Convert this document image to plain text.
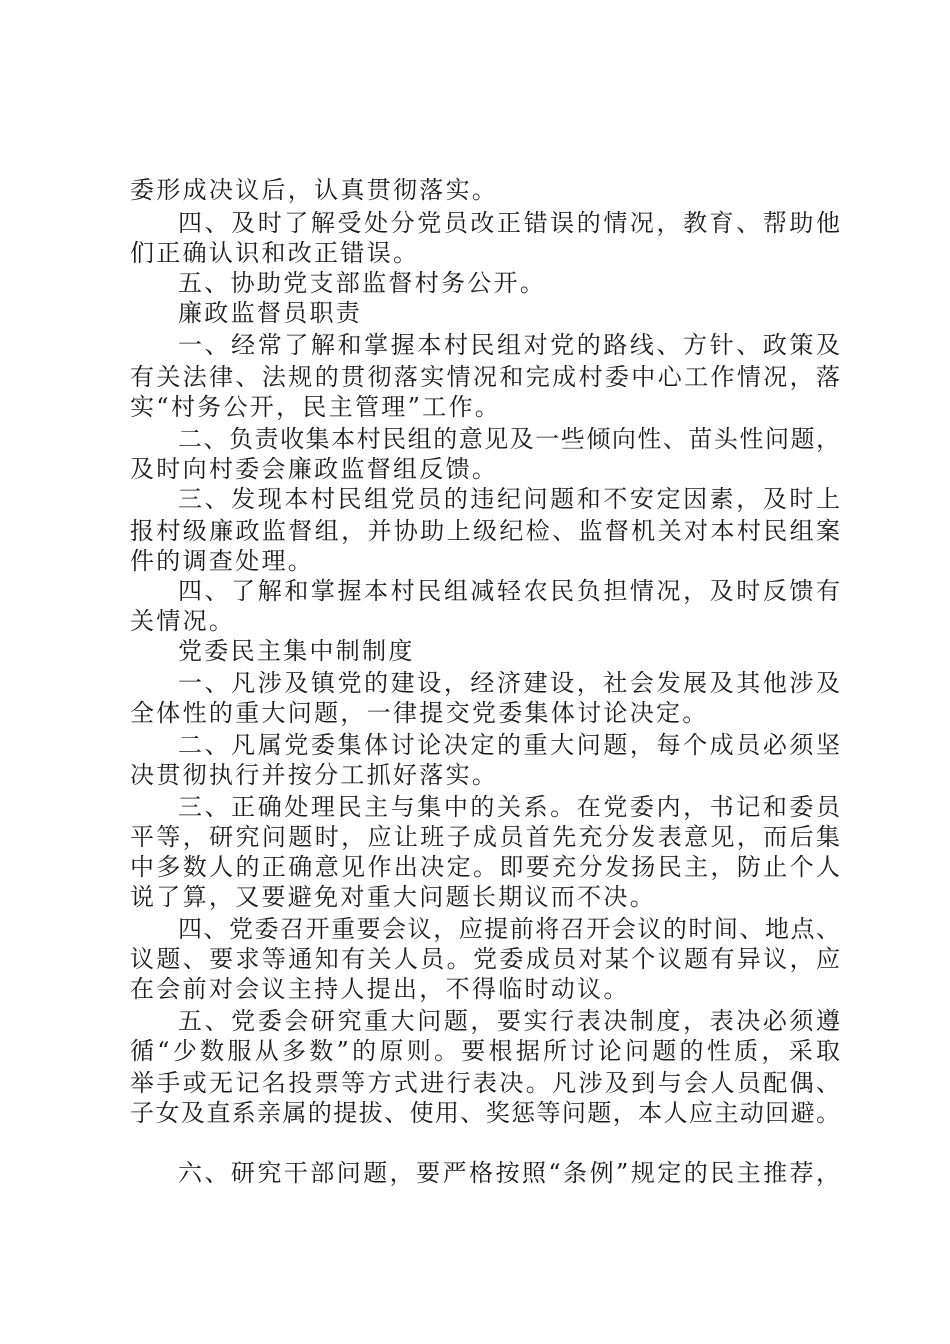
委形成决议后，认真贯彻落实。
四、及时了解受处分党员改正错误的情况，教育、帮助他
们正确认识和改正错误。
五、协助党支部监督村务公开。
廉政监督员职责
一、经常了解和掌握本村民组对党的路线、方针、政策及
有关法律、法规的贯彻落实情况和完成村委中心工作情况，落
实“村务公开，民主管理”工作。
二、负责收集本村民组的意见及一些倾向性、苗头性问题，
及时向村委会廉政监督组反馈。
三、发现本村民组党员的违纪问题和不安定因素，及时上
报村级廉政监督组，并协助上级纪检、监督机关对本村民组案
件的调查处理。
四、了解和掌握本村民组减轻农民负担情况，及时反馈有
关情况。
党委民主集中制制度
一、凡涉及镇党的建设，经济建设，社会发展及其他涉及
全体性的重大问题，一律提交党委集体讨论决定。
二、凡属党委集体讨论决定的重大问题，每个成员必须坚
决贯彻执行并按分工抓好落实。
三、正确处理民主与集中的关系。在党委内，书记和委员
平等，研究问题时，应让班子成员首先充分发表意见，而后集
中多数人的正确意见作出决定。即要充分发扬民主，防止个人
说了算，又要避免对重大问题长期议而不决。
四、党委召开重要会议，应提前将召开会议的时间、地点、
议题、要求等通知有关人员。党委成员对某个议题有异议，应
在会前对会议主持人提出，不得临时动议。
五、党委会研究重大问题，要实行表决制度，表决必须遵
循“少数服从多数”的原则。要根据所讨论问题的性质，采取
举手或无记名投票等方式进行表决。凡涉及到与会人员配偶、
子女及直系亲属的提拔、使用、奖惩等问题，本人应主动回避。
六、研究干部问题，要严格按照“条例”规定的民主推荐，
